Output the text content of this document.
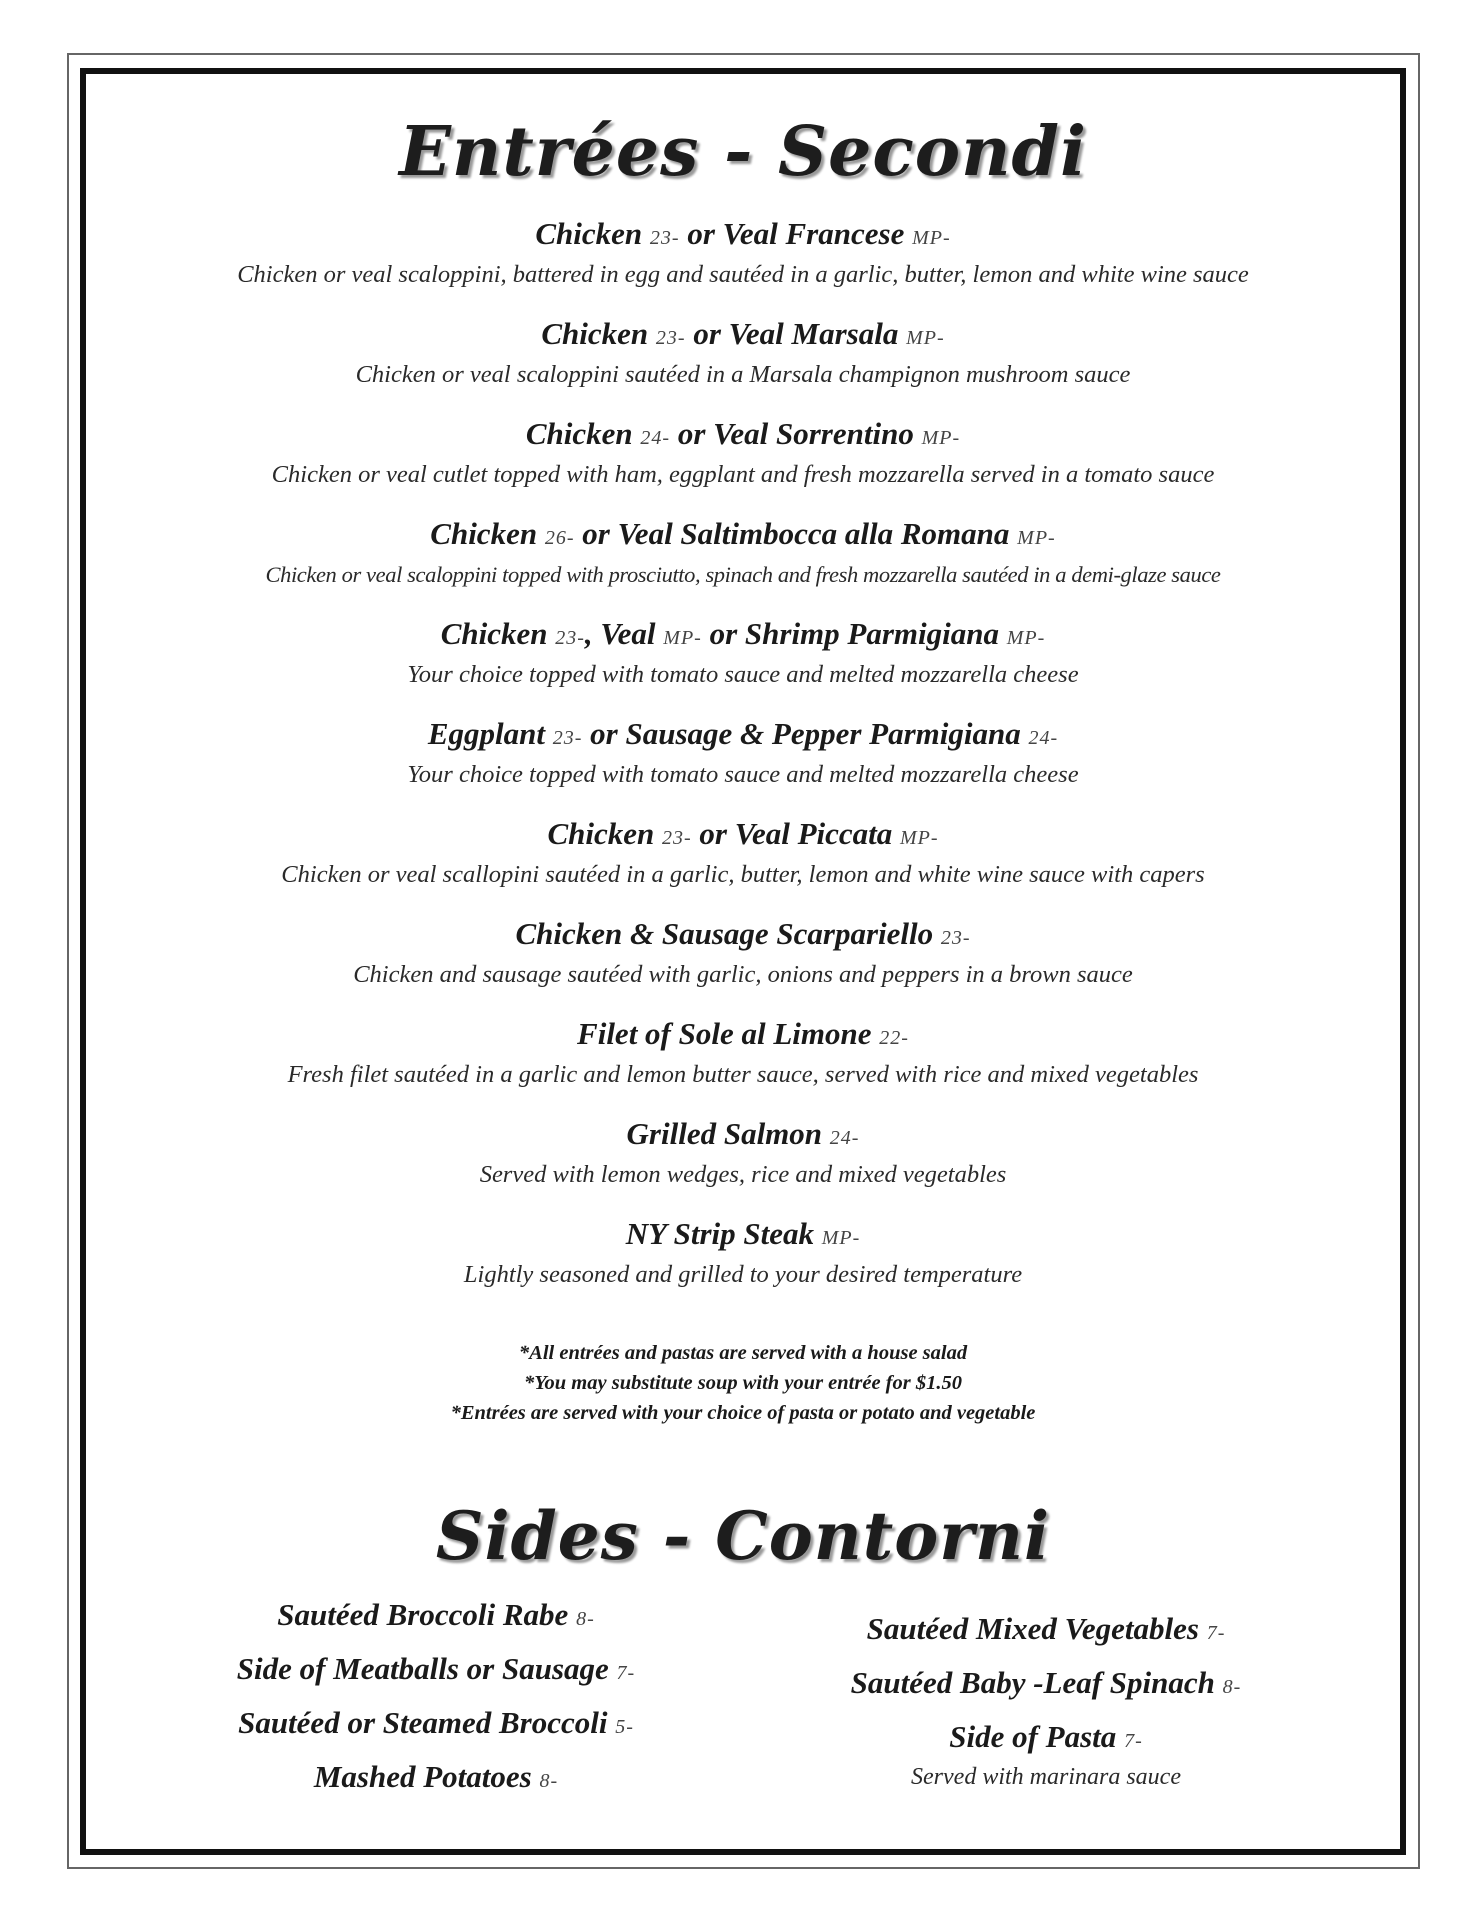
Entrées - Secondi
Chicken 23- or Veal Francese MP-
Chicken or veal scaloppini, battered in egg and sautéed in a garlic, butter, lemon and white wine sauce
Chicken 23- or Veal Marsala MP-
Chicken or veal scaloppini sautéed in a Marsala champignon mushroom sauce
Chicken 24- or Veal Sorrentino MP-
Chicken or veal cutlet topped with ham, eggplant and fresh mozzarella served in a tomato sauce
Chicken 26- or Veal Saltimbocca alla Romana MP-
Chicken or veal scaloppini topped with prosciutto, spinach and fresh mozzarella sautéed in a demi-glaze sauce
Chicken 23-, Veal MP- or Shrimp Parmigiana MP-
Your choice topped with tomato sauce and melted mozzarella cheese
Eggplant 23- or Sausage & Pepper Parmigiana 24-
Your choice topped with tomato sauce and melted mozzarella cheese
Chicken 23- or Veal Piccata MP-
Chicken or veal scallopini sautéed in a garlic, butter, lemon and white wine sauce with capers
Chicken & Sausage Scarpariello 23-
Chicken and sausage sautéed with garlic, onions and peppers in a brown sauce
Filet of Sole al Limone 22-
Fresh filet sautéed in a garlic and lemon butter sauce, served with rice and mixed vegetables
Grilled Salmon 24-
Served with lemon wedges, rice and mixed vegetables
NY Strip Steak MP-
Lightly seasoned and grilled to your desired temperature
*All entrées and pastas are served with a house salad
*You may substitute soup with your entrée for $1.50
*Entrées are served with your choice of pasta or potato and vegetable
Sides - Contorni
Sautéed Broccoli Rabe 8-
Side of Meatballs or Sausage 7-
Sautéed or Steamed Broccoli 5-
Mashed Potatoes 8-
Sautéed Mixed Vegetables 7-
Sautéed Baby -Leaf Spinach 8-
Side of Pasta 7-
Served with marinara sauce
